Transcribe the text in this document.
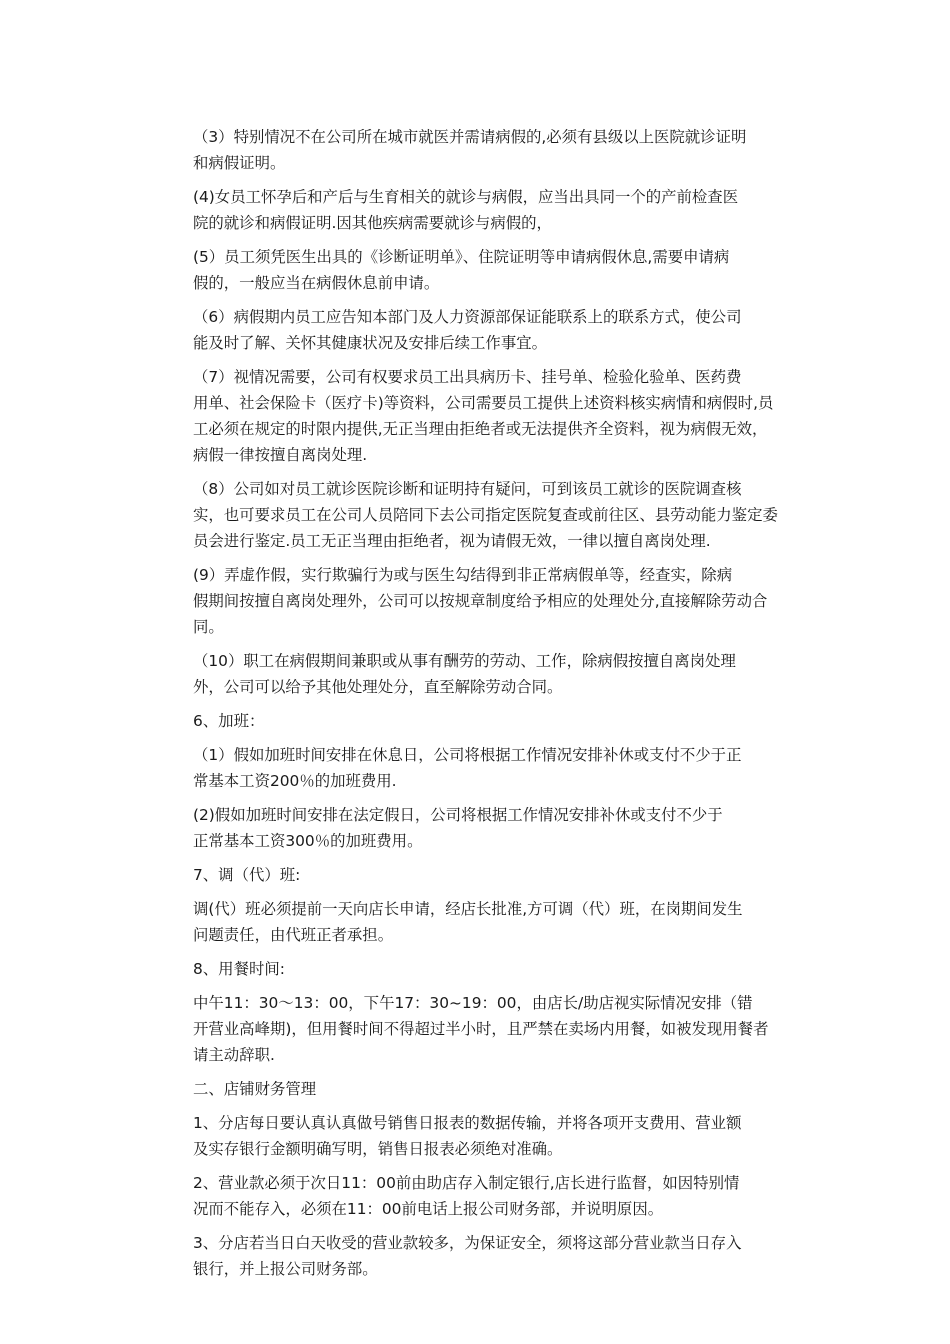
（3）特别情况不在公司所在城市就医并需请病假的,必须有县级以上医院就诊证明
和病假证明。
(4)女员工怀孕后和产后与生育相关的就诊与病假，应当出具同一个的产前检查医
院的就诊和病假证明.因其他疾病需要就诊与病假的，
(5）员工须凭医生出具的《诊断证明单》、住院证明等申请病假休息,需要申请病
假的，一般应当在病假休息前申请。
（6）病假期内员工应告知本部门及人力资源部保证能联系上的联系方式，使公司
能及时了解、关怀其健康状况及安排后续工作事宜。
（7）视情况需要，公司有权要求员工出具病历卡、挂号单、检验化验单、医药费
用单、社会保险卡（医疗卡)等资料，公司需要员工提供上述资料核实病情和病假时,员
工必须在规定的时限内提供,无正当理由拒绝者或无法提供齐全资料，视为病假无效，
病假一律按擅自离岗处理.
（8）公司如对员工就诊医院诊断和证明持有疑问，可到该员工就诊的医院调查核
实，也可要求员工在公司人员陪同下去公司指定医院复查或前往区、县劳动能力鉴定委
员会进行鉴定.员工无正当理由拒绝者，视为请假无效，一律以擅自离岗处理.
(9）弄虚作假，实行欺骗行为或与医生勾结得到非正常病假单等，经查实，除病
假期间按擅自离岗处理外，公司可以按规章制度给予相应的处理处分,直接解除劳动合
同。
（10）职工在病假期间兼职或从事有酬劳的劳动、工作，除病假按擅自离岗处理
外，公司可以给予其他处理处分，直至解除劳动合同。
6、加班：
（1）假如加班时间安排在休息日，公司将根据工作情况安排补休或支付不少于正
常基本工资200％的加班费用.
(2)假如加班时间安排在法定假日，公司将根据工作情况安排补休或支付不少于
正常基本工资300％的加班费用。
7、调（代）班:
调(代）班必须提前一天向店长申请，经店长批准,方可调（代）班，在岗期间发生
问题责任，由代班正者承担。
8、用餐时间:
中午11：30～13：00，下午17：30~19：00，由店长/助店视实际情况安排（错
开营业高峰期)，但用餐时间不得超过半小时，且严禁在卖场内用餐，如被发现用餐者
请主动辞职.
二、店铺财务管理
1、分店每日要认真认真做号销售日报表的数据传输，并将各项开支费用、营业额
及实存银行金额明确写明，销售日报表必须绝对准确。
2、营业款必须于次日11：00前由助店存入制定银行,店长进行监督，如因特别情
况而不能存入，必须在11：00前电话上报公司财务部，并说明原因。
3、分店若当日白天收受的营业款较多，为保证安全，须将这部分营业款当日存入
银行，并上报公司财务部。
